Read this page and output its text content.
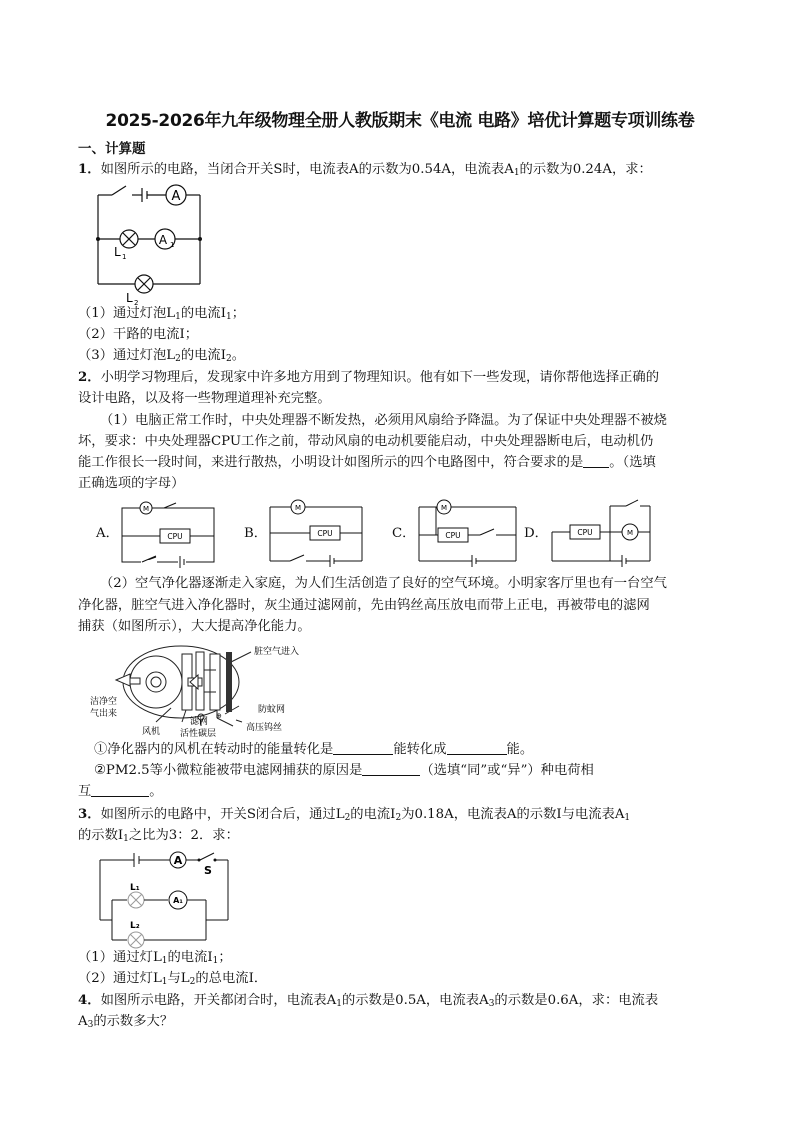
2025-2026年九年级物理全册人教版期末《电流 电路》培优计算题专项训练卷
一、计算题
1．如图所示的电路，当闭合开关S时，电流表A的示数为0.54A，电流表$A_1$的示数为0.24A，求：
A
A 1
L 1
L 2
（1）通过灯泡$L_1$的电流$I_1$；
（2）干路的电流I；
（3）通过灯泡$L_2$的电流$I_2$。
2．小明学习物理后，发现家中许多地方用到了物理知识。他有如下一些发现，请你帮他选择正确的
设计电路，以及将一些物理道理补充完整。
（1）电脑正常工作时，中央处理器不断发热，必须用风扇给予降温。为了保证中央处理器不被烧
坏，要求：中央处理器CPU工作之前，带动风扇的电动机要能启动，中央处理器断电后，电动机仍
能工作很长一段时间，来进行散热，小明设计如图所示的四个电路图中，符合要求的是 。（选填
正确选项的字母）
A．
M
CPU	B．
M
CPU	C．
M
CPU	D．	M
CPU
（2）空气净化器逐渐走入家庭，为人们生活创造了良好的空气环境。小明家客厅里也有一台空气
净化器，脏空气进入净化器时，灰尘通过滤网前，先由钨丝高压放电而带上正电，再被带电的滤网
捕获（如图所示），大大提高净化能力。
⊕
脏空气进入
洁净空
气出来
风机
滤网
活性碳层
防蚊网
高压钨丝
①净化器内的风机在转动时的能量转化是	能转化成	能。
②PM2.5等小微粒能被带电滤网捕获的原因是	（选填“同”或“异”）种电荷相
互	。
3．如图所示的电路中，开关S闭合后，通过$L_2$的电流$I_2$为0.18A，电流表A的示数I与电流表$A_1$
的示数$I_1$之比为3：2．求：
A
S
L₁
A₁
L₂
（1）通过灯$L_1$的电流$I_1$；
（2）通过灯$L_1$与$L_2$的总电流I．
4．如图所示电路，开关都闭合时，电流表$A_1$的示数是0.5A，电流表$A_3$的示数是0.6A，求：电流表
$A_3$的示数多大？
